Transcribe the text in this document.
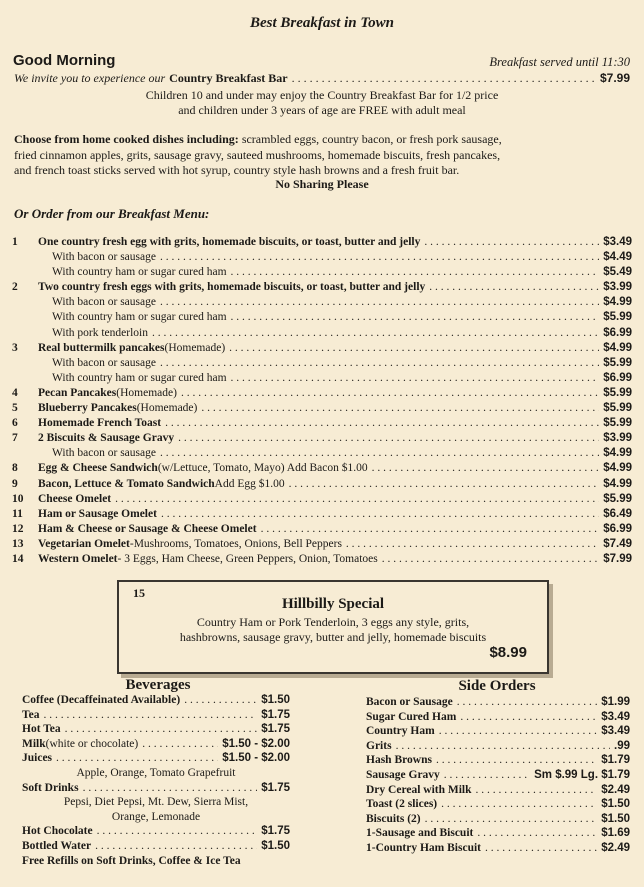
Best Breakfast in Town
Good Morning	Breakfast served until 11:30
We invite you to experience our Country Breakfast Bar . . .	$7.99
Children 10 and under may enjoy the Country Breakfast Bar for 1/2 price
and children under 3 years of age are FREE with adult meal
Choose from home cooked dishes including: scrambled eggs, country bacon, or fresh pork sausage,
fried cinnamon apples, grits, sausage gravy, sauteed mushrooms, homemade biscuits, fresh pancakes,
and french toast sticks served with hot syrup, country style hash browns and a fresh fruit bar.
No Sharing Please
Or Order from our Breakfast Menu:
1	One country fresh egg with grits, homemade biscuits, or toast, butter and jelly . . .	$3.49
With bacon or sausage . . .	$4.49
With country ham or sugar cured ham . . .	$5.49
2	Two country fresh eggs with grits, homemade biscuits, or toast, butter and jelly . . .	$3.99
With bacon or sausage . . .	$4.99
With country ham or sugar cured ham . . .	$5.99
With pork tenderloin . . .	$6.99
3	Real buttermilk pancakes (Homemade) . . .	$4.99
With bacon or sausage . . .	$5.99
With country ham or sugar cured ham . . .	$6.99
4	Pecan Pancakes (Homemade) . . .	$5.99
5	Blueberry Pancakes (Homemade) . . .	$5.99
6	Homemade French Toast . . .	$5.99
7	2 Biscuits & Sausage Gravy . . .	$3.99
With bacon or sausage . . .	$4.99
8	Egg & Cheese Sandwich (w/Lettuce, Tomato, Mayo) Add Bacon $1.00 . . .	$4.99
9	Bacon, Lettuce & Tomato Sandwich Add Egg $1.00 . . .	$4.99
10	Cheese Omelet . . .	$5.99
11	Ham or Sausage Omelet . . .	$6.49
12	Ham & Cheese or Sausage & Cheese Omelet . . .	$6.99
13	Vegetarian Omelet -Mushrooms, Tomatoes, Onions, Bell Peppers . . .	$7.49
14	Western Omelet - 3 Eggs, Ham Cheese, Green Peppers, Onion, Tomatoes . . .	$7.99
15
Hillbilly Special
Country Ham or Pork Tenderloin, 3 eggs any style, grits,
hashbrowns, sausage gravy, butter and jelly, homemade biscuits
$8.99
Beverages
Coffee (Decaffeinated Available) . . .	$1.50
Tea . . .	$1.75
Hot Tea . . .	$1.75
Milk (white or chocolate) . . .	$1.50 - $2.00
Juices . . .	$1.50 - $2.00
Apple, Orange, Tomato Grapefruit
Soft Drinks . . .	$1.75
Pepsi, Diet Pepsi, Mt. Dew, Sierra Mist,
Orange, Lemonade
Hot Chocolate . . .	$1.75
Bottled Water . . .	$1.50
Free Refills on Soft Drinks, Coffee & Ice Tea
Side Orders
Bacon or Sausage . . .	$1.99
Sugar Cured Ham . . .	$3.49
Country Ham . . .	$3.49
Grits . . .	.99
Hash Browns . . .	$1.79
Sausage Gravy . . .	Sm $.99 Lg. $1.79
Dry Cereal with Milk . . .	$2.49
Toast (2 slices) . . .	$1.50
Biscuits (2) . . .	$1.50
1-Sausage and Biscuit . . .	$1.69
1-Country Ham Biscuit . . .	$2.49
